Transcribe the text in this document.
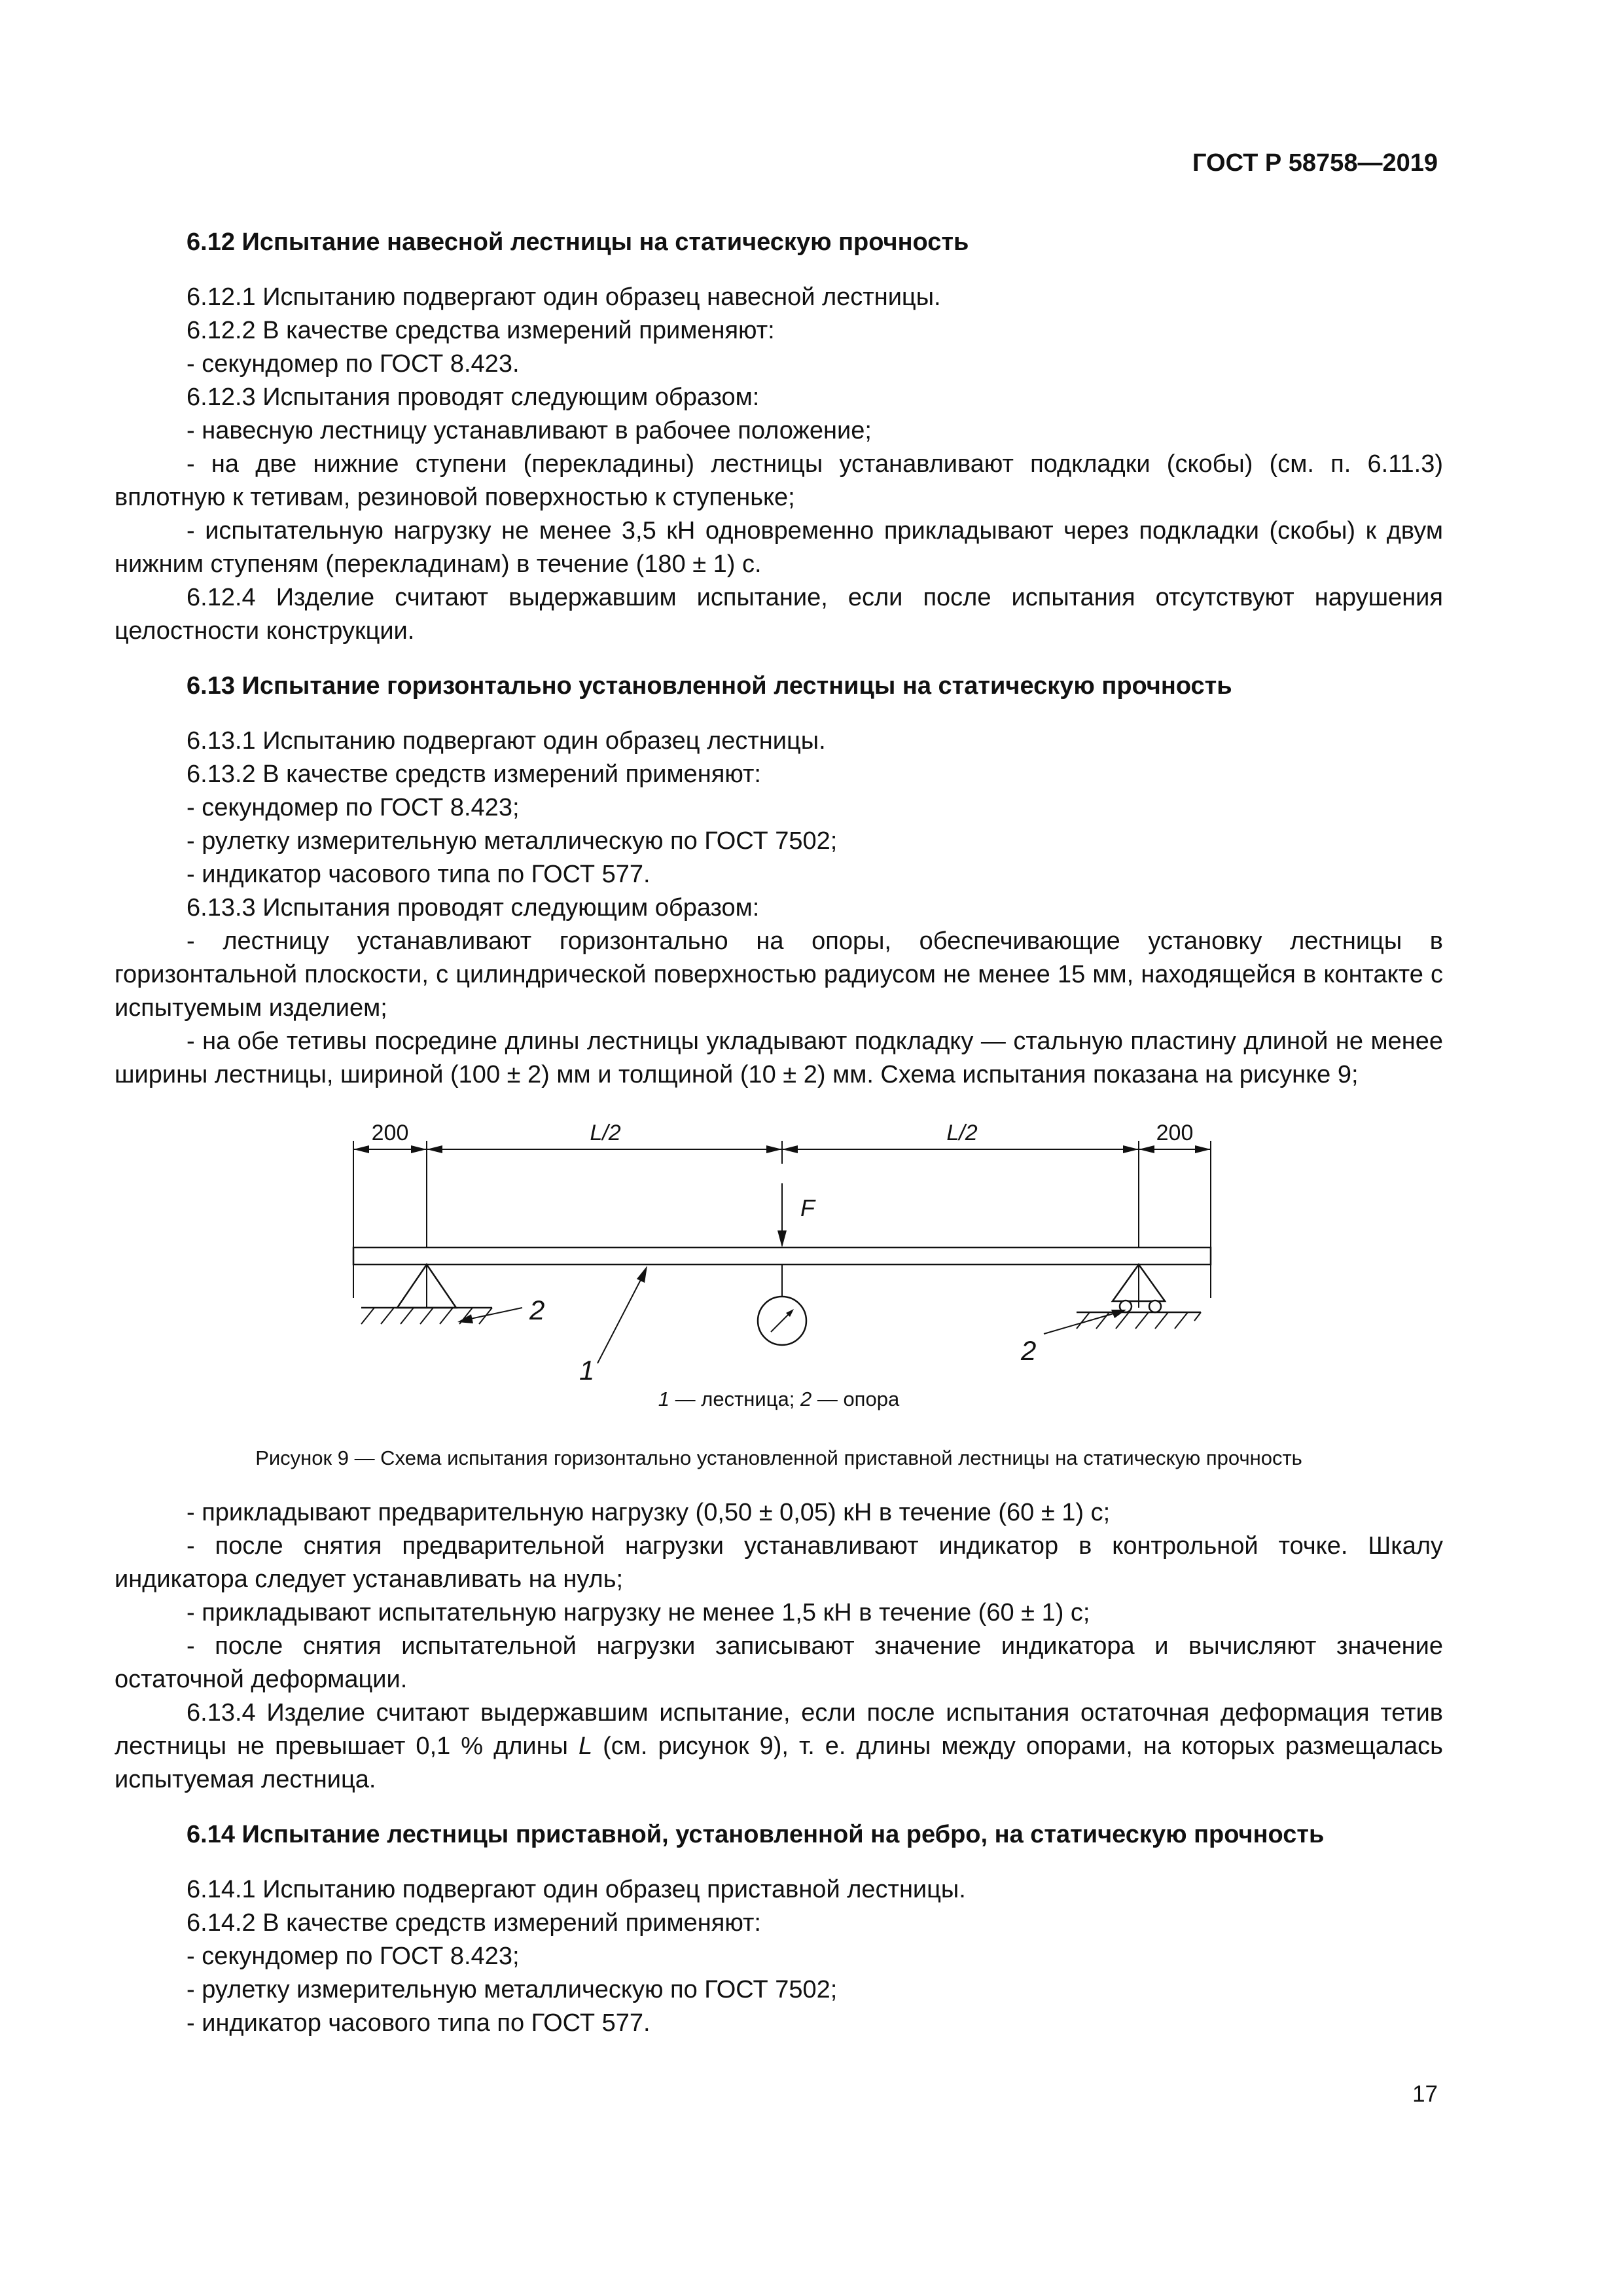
ГОСТ Р 58758—2019
6.12 Испытание навесной лестницы на статическую прочность

6.12.1 Испытанию подвергают один образец навесной лестницы.

6.12.2 В качестве средства измерений применяют:

- секундомер по ГОСТ 8.423.

6.12.3 Испытания проводят следующим образом:

- навесную лестницу устанавливают в рабочее положение;

- на две нижние ступени (перекладины) лестницы устанавливают подкладки (скобы) (см. п. 6.11.3) вплотную к тетивам, резиновой поверхностью к ступеньке;

- испытательную нагрузку не менее 3,5 кН одновременно прикладывают через подкладки (скобы) к двум нижним ступеням (перекладинам) в течение (180 ± 1) с.

6.12.4 Изделие считают выдержавшим испытание, если после испытания отсутствуют нарушения целостности конструкции.

6.13 Испытание горизонтально установленной лестницы на статическую прочность

6.13.1 Испытанию подвергают один образец лестницы.

6.13.2 В качестве средств измерений применяют:

- секундомер по ГОСТ 8.423;

- рулетку измерительную металлическую по ГОСТ 7502;

- индикатор часового типа по ГОСТ 577.

6.13.3 Испытания проводят следующим образом:

- лестницу устанавливают горизонтально на опоры, обеспечивающие установку лестницы в горизонтальной плоскости, с цилиндрической поверхностью радиусом не менее 15 мм, находящейся в контакте с испытуемым изделием;

- на обе тетивы посредине длины лестницы укладывают подкладку — стальную пластину длиной не менее ширины лестницы, шириной (100 ± 2) мм и толщиной (10 ± 2) мм. Схема испытания показана на рисунке 9;

200	L/2	L/2	200
F
1
2
2
1 — лестница; 2 — опора
Рисунок 9 — Схема испытания горизонтально установленной приставной лестницы на статическую прочность

- прикладывают предварительную нагрузку (0,50 ± 0,05) кН в течение (60 ± 1) с;

- после снятия предварительной нагрузки устанавливают индикатор в контрольной точке. Шкалу индикатора следует устанавливать на нуль;

- прикладывают испытательную нагрузку не менее 1,5 кН в течение (60 ± 1) с;

- после снятия испытательной нагрузки записывают значение индикатора и вычисляют значение остаточной деформации.

6.13.4 Изделие считают выдержавшим испытание, если после испытания остаточная деформация тетив лестницы не превышает 0,1 % длины L (см. рисунок 9), т. е. длины между опорами, на которых размещалась испытуемая лестница.

6.14 Испытание лестницы приставной, установленной на ребро, на статическую прочность

6.14.1 Испытанию подвергают один образец приставной лестницы.

6.14.2 В качестве средств измерений применяют:

- секундомер по ГОСТ 8.423;

- рулетку измерительную металлическую по ГОСТ 7502;

- индикатор часового типа по ГОСТ 577.

17
